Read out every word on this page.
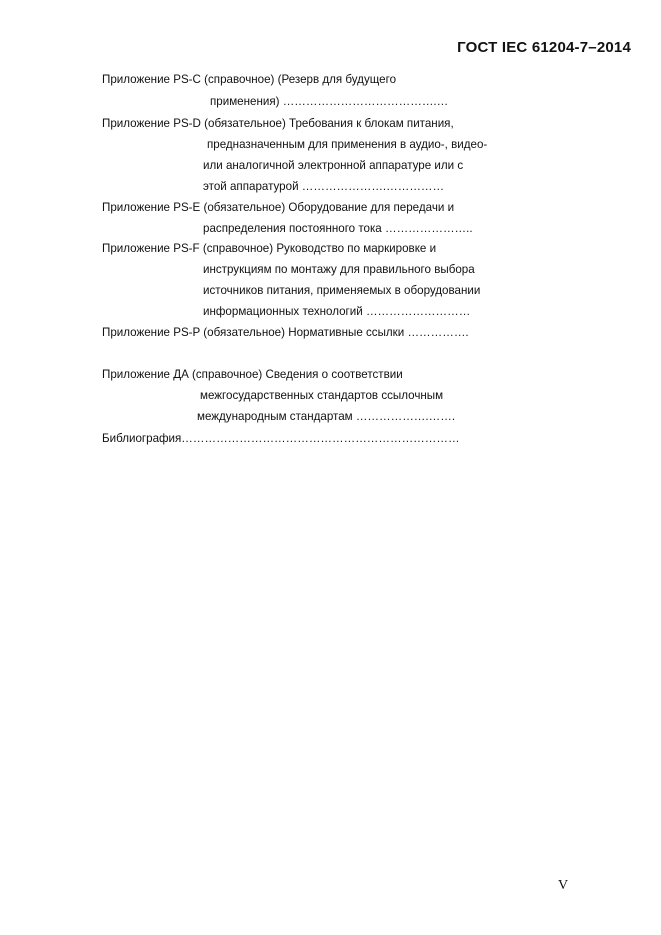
ГОСТ IEC 61204-7–2014
Приложение PS-C (справочное) (Резерв для будущего
применения) ………………………………….…
Приложение PS-D (обязательное) Требования к блокам питания,
предназначенным для применения в аудио-, видео-
или аналогичной электронной аппаратуре или с
этой аппаратурой ………………….……………
Приложение PS-E (обязательное) Оборудование для передачи и
распределения постоянного тока …………………..
Приложение PS-F (справочное) Руководство по маркировке и
инструкциям по монтажу для правильного выбора
источников питания, применяемых в оборудовании
информационных технологий ………………………
Приложение PS-P (обязательное) Нормативные ссылки …………….
Приложение ДА (справочное) Сведения о соответствии
межгосударственных стандартов ссылочным
международным стандартам ……………….…….
Библиография………………………………………………………………
V
